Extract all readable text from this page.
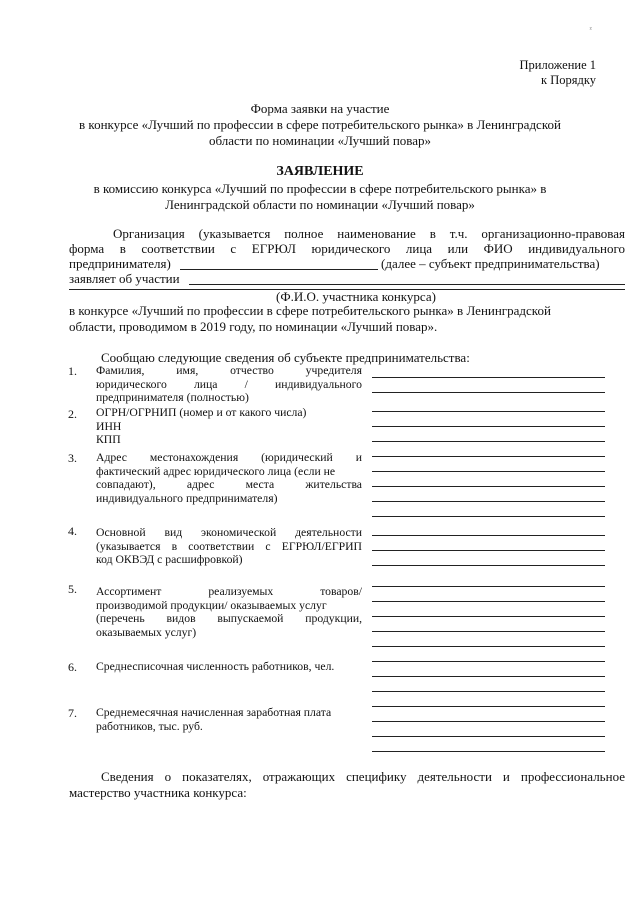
ᶻ
Приложение 1
к Порядку
Форма заявки на участие
в конкурсе «Лучший по профессии в сфере потребительского рынка» в Ленинградской
области по номинации «Лучший повар»
ЗАЯВЛЕНИЕ
в комиссию конкурса «Лучший по профессии в сфере потребительского рынка» в
Ленинградской области по номинации «Лучший повар»
Организация (указывается полное наименование в т.ч. организационно-правовая
форма в соответствии с ЕГРЮЛ юридического лица или ФИО индивидуального
предпринимателя)	(далее – субъект предпринимательства)
заявляет об участии
(Ф.И.О. участника конкурса)
в конкурсе «Лучший по профессии в сфере потребительского рынка» в Ленинградской
области, проводимом в 2019 году, по номинации «Лучший повар».
Сообщаю следующие сведения об субъекте предпринимательства:
1. Фамилия, имя, отчество учредителя
юридического лица / индивидуального
предпринимателя (полностью)
2. ОГРН/ОГРНИП (номер и от какого числа)
ИНН
КПП
3. Адрес местонахождения (юридический и
фактический адрес юридического лица (если не
совпадают), адрес места жительства
индивидуального предпринимателя)
4. Основной вид экономической деятельности
(указывается в соответствии с ЕГРЮЛ/ЕГРИП
код ОКВЭД с расшифровкой)
5. Ассортимент реализуемых товаров/
производимой продукции/ оказываемых услуг
(перечень видов выпускаемой продукции,
оказываемых услуг)
6. Среднесписочная численность работников, чел.
7. Среднемесячная начисленная заработная плата
работников, тыс. руб.
Сведения о показателях, отражающих специфику деятельности и профессиональное
мастерство участника конкурса:
